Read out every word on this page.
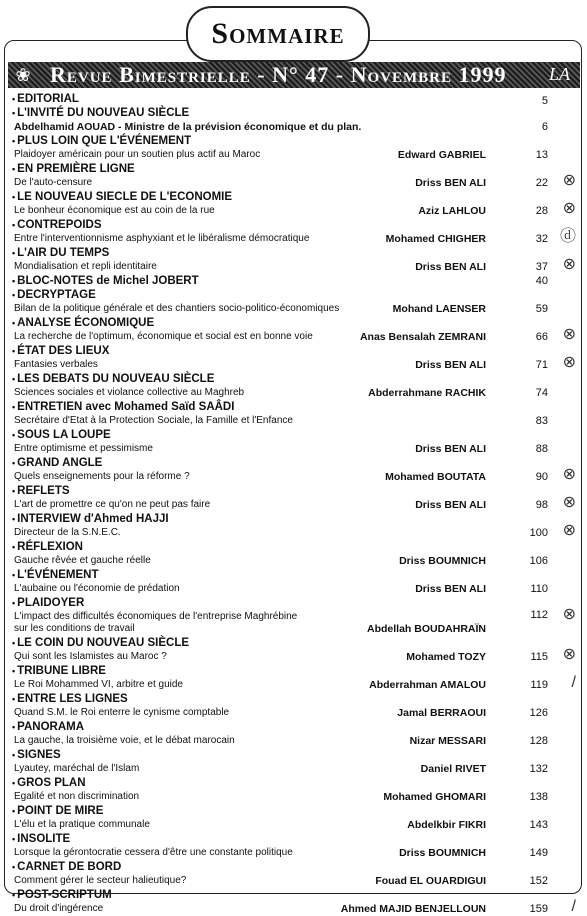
Sommaire
❀ Revue Bimestrielle - N° 47 - Novembre 1999 LA
• EDITORIAL	5
• L'INVITÉ DU NOUVEAU SIÈCLE
Abdelhamid AOUAD - Ministre de la prévision économique et du plan.	6
• PLUS LOIN QUE L'ÉVÉNEMENT
Plaidoyer américain pour un soutien plus actif au Maroc	Edward GABRIEL	13
• EN PREMIÈRE LIGNE
De l'auto-censure	Driss BEN ALI	22 ⊗
• LE NOUVEAU SIECLE DE L'ECONOMIE
Le bonheur économique est au coin de la rue	Aziz LAHLOU	28 ⊗
• CONTREPOIDS
Entre l'interventionnisme asphyxiant et le libéralisme démocratique	Mohamed CHIGHER	32 ⓓ
• L'AIR DU TEMPS
Mondialisation et repli identitaire	Driss BEN ALI	37 ⊗
• BLOC-NOTES de Michel JOBERT	40
• DECRYPTAGE
Bilan de la politique générale et des chantiers socio-politico-économiques	Mohand LAENSER	59
• ANALYSE ÉCONOMIQUE
La recherche de l'optimum, économique et social est en bonne voie	Anas Bensalah ZEMRANI	66 ⊗
• ÉTAT DES LIEUX
Fantasies verbales	Driss BEN ALI	71 ⊗
• LES DEBATS DU NOUVEAU SIÈCLE
Sciences sociales et violance collective au Maghreb	Abderrahmane RACHIK	74
• ENTRETIEN avec Mohamed Saïd SAÂDI
Secrétaire d'Etat à la Protection Sociale, la Famille et l'Enfance	83
• SOUS LA LOUPE
Entre optimisme et pessimisme	Driss BEN ALI	88
• GRAND ANGLE
Quels enseignements pour la réforme ?	Mohamed BOUTATA	90 ⊗
• REFLETS
L'art de promettre ce qu'on ne peut pas faire	Driss BEN ALI	98 ⊗
• INTERVIEW d'Ahmed HAJJI
Directeur de la S.N.E.C.	100 ⊗
• RÉFLEXION
Gauche rêvée et gauche réelle	Driss BOUMNICH	106
• L'ÉVÉNEMENT
L'aubaine ou l'économie de prédation	Driss BEN ALI	110
• PLAIDOYER
L'impact des difficultés économiques de l'entreprise Maghrébine
sur les conditions de travail	Abdellah BOUDAHRAÏN
112 ⊗
• LE COIN DU NOUVEAU SIÈCLE
Qui sont les Islamistes au Maroc ?	Mohamed TOZY	115 ⊗
• TRIBUNE LIBRE
Le Roi Mohammed VI, arbitre et guide	Abderrahman AMALOU	119 /
• ENTRE LES LIGNES
Quand S.M. le Roi enterre le cynisme comptable	Jamal BERRAOUI	126
• PANORAMA
La gauche, la troisième voie, et le débat marocain	Nizar MESSARI	128
• SIGNES
Lyautey, maréchal de l'Islam	Daniel RIVET	132
• GROS PLAN
Egalité et non discrimination	Mohamed GHOMARI	138
• POINT DE MIRE
L'élu et la pratique communale	Abdelkbir FIKRI	143
• INSOLITE
Lorsque la gérontocratie cessera d'être une constante politique	Driss BOUMNICH	149
• CARNET DE BORD
Comment gérer le secteur halieutique?	Fouad EL OUARDIGUI	152
• POST-SCRIPTUM
Du droit d'ingérence	Ahmed MAJID BENJELLOUN	159 /
